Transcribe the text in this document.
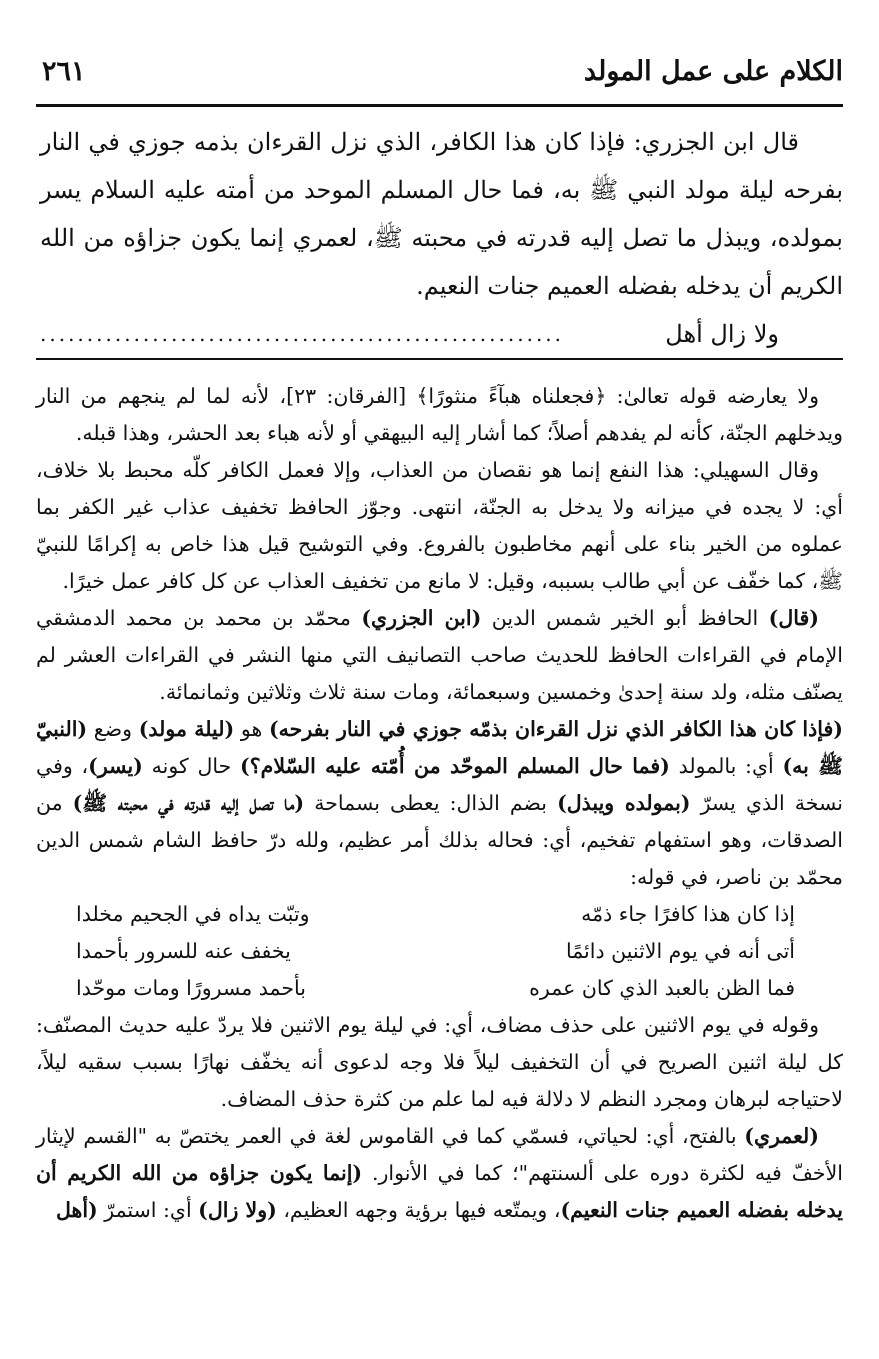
الكلام على عمل المولد
٢٦١

قال ابن الجزري: فإذا كان هذا الكافر، الذي نزل القرءان بذمه جوزي في النار بفرحه ليلة مولد النبي ﷺ به، فما حال المسلم الموحد من أمته عليه السلام يسر بمولده، ويبذل ما تصل إليه قدرته في محبته ﷺ، لعمري إنما يكون جزاؤه من الله الكريم أن يدخله بفضله العميم جنات النعيم.

ولا زال أهل
........................................................

ولا يعارضه قوله تعالىٰ: ﴿فجعلناه هبآءً منثورًا﴾ [الفرقان: ٢٣]، لأنه لما لم ينجهم من النار ويدخلهم الجنّة، كأنه لم يفدهم أصلاً؛ كما أشار إليه البيهقي أو لأنه هباء بعد الحشر، وهذا قبله.

وقال السهيلي: هذا النفع إنما هو نقصان من العذاب، وإلا فعمل الكافر كلّه محبط بلا خلاف، أي: لا يجده في ميزانه ولا يدخل به الجنّة، انتهى. وجوّز الحافظ تخفيف عذاب غير الكفر بما عملوه من الخير بناء على أنهم مخاطبون بالفروع. وفي التوشيح قيل هذا خاص به إكرامًا للنبيّ ﷺ، كما خفّف عن أبي طالب بسببه، وقيل: لا مانع من تخفيف العذاب عن كل كافر عمل خيرًا.

(قال) الحافظ أبو الخير شمس الدين (ابن الجزري) محمّد بن محمد بن محمد الدمشقي الإمام في القراءات الحافظ للحديث صاحب التصانيف التي منها النشر في القراءات العشر لم يصنّف مثله، ولد سنة إحدىٰ وخمسين وسبعمائة، ومات سنة ثلاث وثلاثين وثمانمائة.

(فإذا كان هذا الكافر الذي نزل القرءان بذمّه جوزي في النار بفرحه) هو (ليلة مولد) وضع (النبيّ ﷺ به) أي: بالمولد (فما حال المسلم الموحّد من أُمّته عليه السّلام؟) حال كونه (يسر)، وفي نسخة الذي يسرّ (بمولده ويبذل) بضم الذال: يعطى بسماحة (ما تصل إليه قدرته في محبته ﷺ) من الصدقات، وهو استفهام تفخيم، أي: فحاله بذلك أمر عظيم، ولله درّ حافظ الشام شمس الدين محمّد بن ناصر، في قوله:

إذا كان هذا كافرًا جاء ذمّه
وتبّت يداه في الجحيم مخلدا
أتى أنه في يوم الاثنين دائمًا
يخفف عنه للسرور بأحمدا
فما الظن بالعبد الذي كان عمره
بأحمد مسرورًا ومات موحّدا

وقوله في يوم الاثنين على حذف مضاف، أي: في ليلة يوم الاثنين فلا يردّ عليه حديث المصنّف: كل ليلة اثنين الصريح في أن التخفيف ليلاً فلا وجه لدعوى أنه يخفّف نهارًا بسبب سقيه ليلاً، لاحتياجه لبرهان ومجرد النظم لا دلالة فيه لما علم من كثرة حذف المضاف.

(لعمري) بالفتح، أي: لحياتي، فسمّي كما في القاموس لغة في العمر يختصّ به "القسم لإيثار الأخفّ فيه لكثرة دوره على ألسنتهم"؛ كما في الأنوار. (إنما يكون جزاؤه من الله الكريم أن يدخله بفضله العميم جنات النعيم)، ويمتّعه فيها برؤية وجهه العظيم، (ولا زال) أي: استمرّ (أهل
